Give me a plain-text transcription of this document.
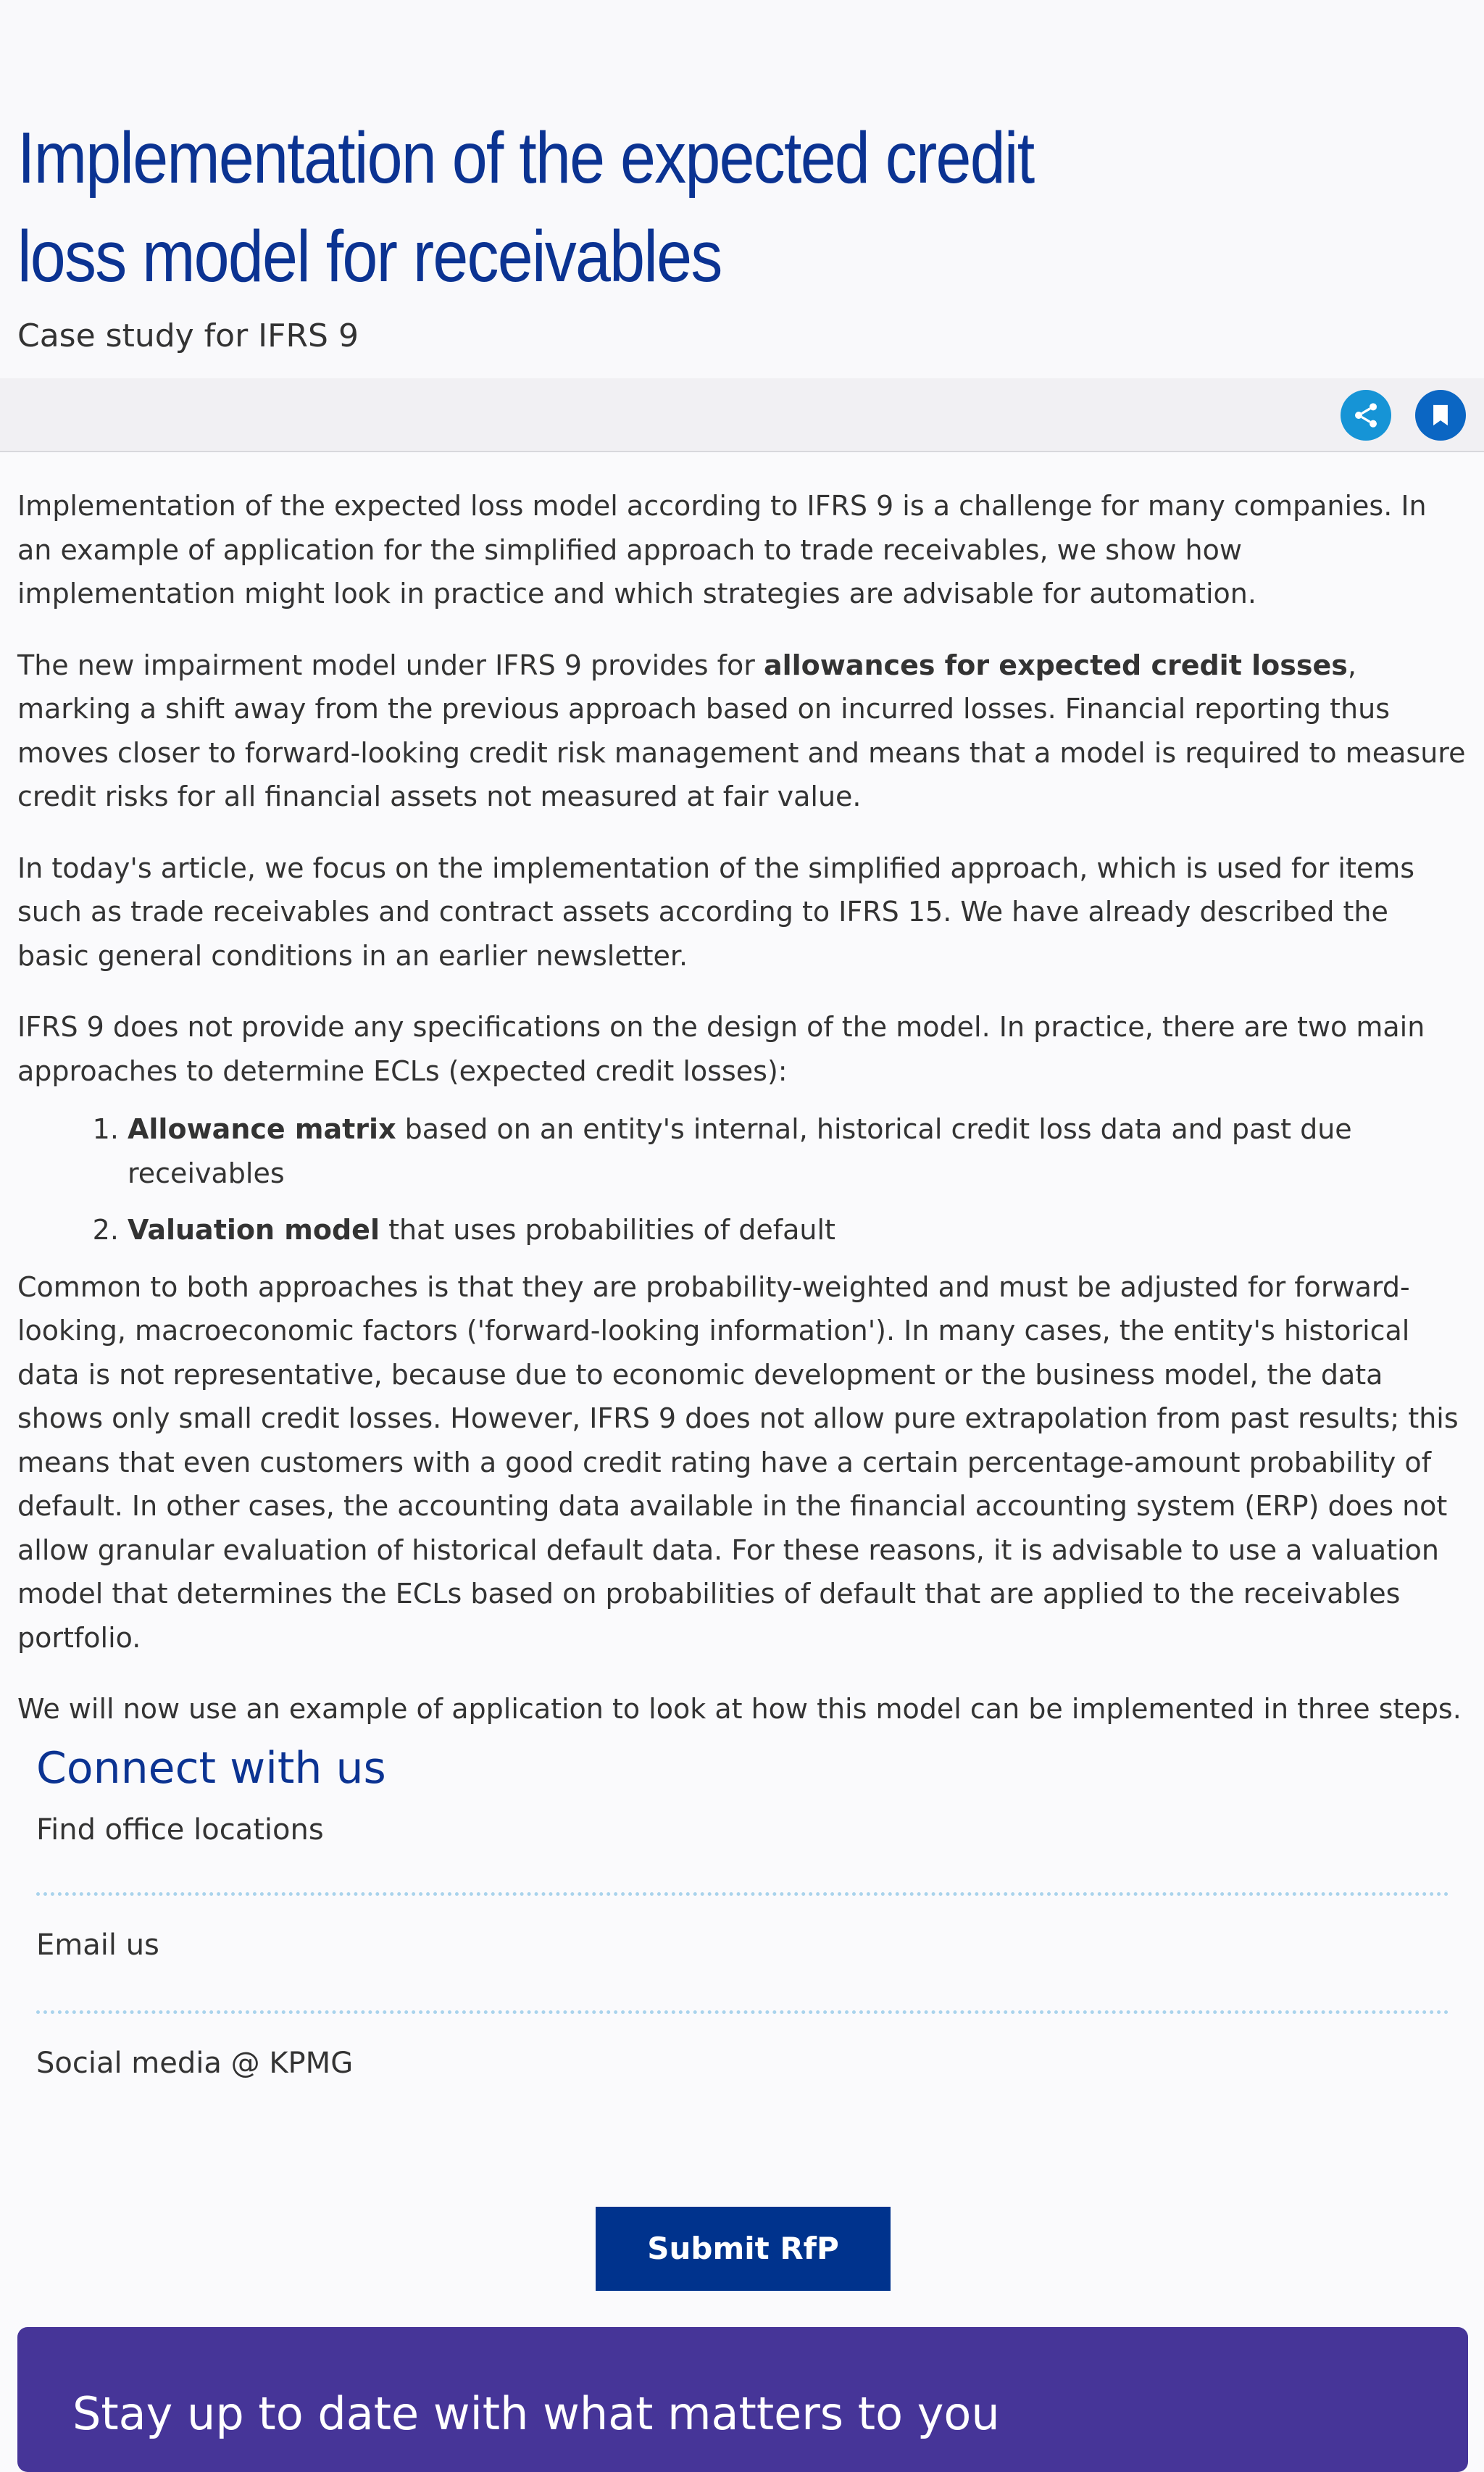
Implementation of the expected credit loss model for receivables
Case study for IFRS 9

Implementation of the expected loss model according to IFRS 9 is a challenge for many companies. In an example of application for the simplified approach to trade receivables, we show how implementation might look in practice and which strategies are advisable for automation.

The new impairment model under IFRS 9 provides for allowances for expected credit losses, marking a shift away from the previous approach based on incurred losses. Financial reporting thus moves closer to forward-looking credit risk management and means that a model is required to measure credit risks for all financial assets not measured at fair value.

In today's article, we focus on the implementation of the simplified approach, which is used for items such as trade receivables and contract assets according to IFRS 15. We have already described the basic general conditions in an earlier newsletter.

IFRS 9 does not provide any specifications on the design of the model. In practice, there are two main approaches to determine ECLs (expected credit losses):

1. Allowance matrix based on an entity's internal, historical credit loss data and past due receivables
2. Valuation model that uses probabilities of default

Common to both approaches is that they are probability-weighted and must be adjusted for forward-looking, macroeconomic factors ('forward-looking information'). In many cases, the entity's historical data is not representative, because due to economic development or the business model, the data shows only small credit losses. However, IFRS 9 does not allow pure extrapolation from past results; this means that even customers with a good credit rating have a certain percentage-amount probability of default. In other cases, the accounting data available in the financial accounting system (ERP) does not allow granular evaluation of historical default data. For these reasons, it is advisable to use a valuation model that determines the ECLs based on probabilities of default that are applied to the receivables portfolio.

We will now use an example of application to look at how this model can be implemented in three steps.

Connect with us
Find office locations
Email us
Social media @ KPMG
Submit RfP
Stay up to date with what matters to you
